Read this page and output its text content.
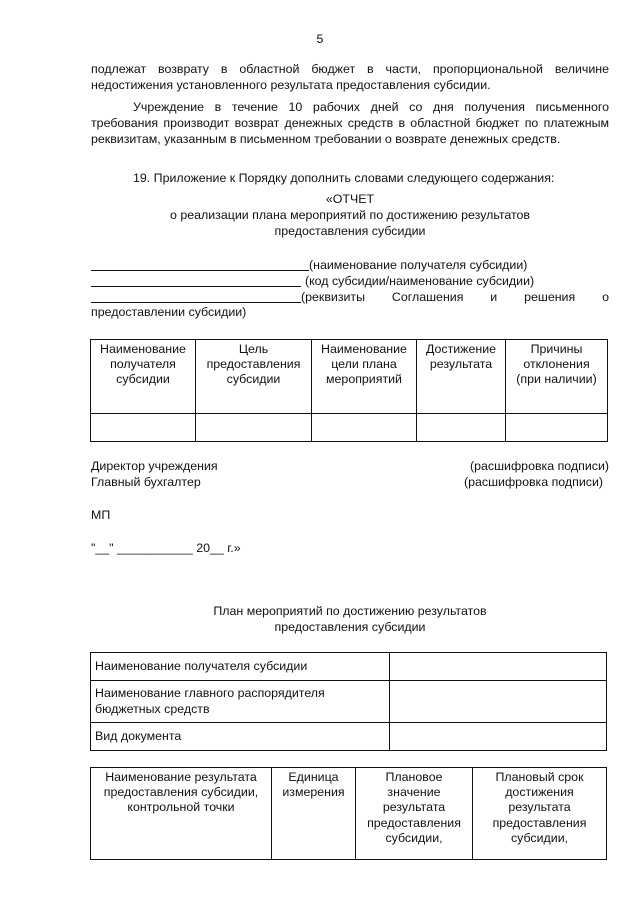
5
подлежат возврату в областной бюджет в части, пропорциональной величине недостижения установленного результата предоставления субсидии.
Учреждение в течение 10 рабочих дней со дня получения письменного требования производит возврат денежных средств в областной бюджет по платежным реквизитам, указанным в письменном требовании о возврате денежных средств.
19. Приложение к Порядку дополнить словами следующего содержания:
«ОТЧЕТ
о реализации плана мероприятий по достижению результатов
предоставления субсидии
(наименование получателя субсидии)
(код субсидии/наименование субсидии)
(реквизиты Соглашения и решения о
предоставлении субсидии)
Наименование получателя субсидии	Цель предоставления субсидии	Наименование цели плана мероприятий	Достижение результата	Причины отклонения (при наличии)

Директор учреждения	(расшифровка подписи)
Главный бухгалтер	(расшифровка подписи)
МП
"__" ___________ 20__ г.»
План мероприятий по достижению результатов
предоставления субсидии
Наименование получателя субсидии	
Наименование главного распорядителя бюджетных средств	
Вид документа	
Наименование результата предоставления субсидии, контрольной точки	Единица измерения	Плановое значение результата предоставления субсидии,	Плановый срок достижения результата предоставления субсидии,
